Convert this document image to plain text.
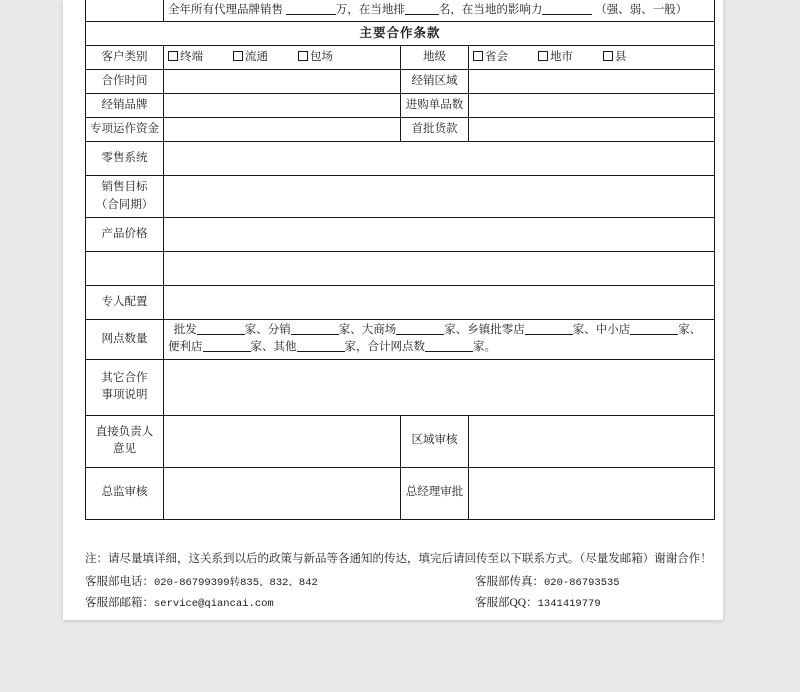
	全年所有代理品牌销售 万，在当地排 名，在当地的影响力 （强、弱、一般）		
主要合作条款			
客户类别	终端 流通 包场	地级	省会 地市 县
合作时间		经销区域	
经销品牌		进购单品数	
专项运作资金		首批货款	
零售系统			

销售目标
（合同期）			

产品价格			

专人配置			
网点数量	批发 家、分销 家、大商场 家、乡镇批零店 家、中小店 家、
便利店 家、其他 家，合计网点数 家。		

其它合作
事项说明			

直接负责人
意见		区域审核	
总监审核		总经理审批	
注：请尽量填详细，这关系到以后的政策与新品等各通知的传达，填完后请回传至以下联系方式。（尽量发邮箱）谢谢合作！
客服部电话：020-86799399转835、832、842
客服部邮箱：service@qiancai.com
客服部传真：020-86793535
客服部QQ：1341419779
